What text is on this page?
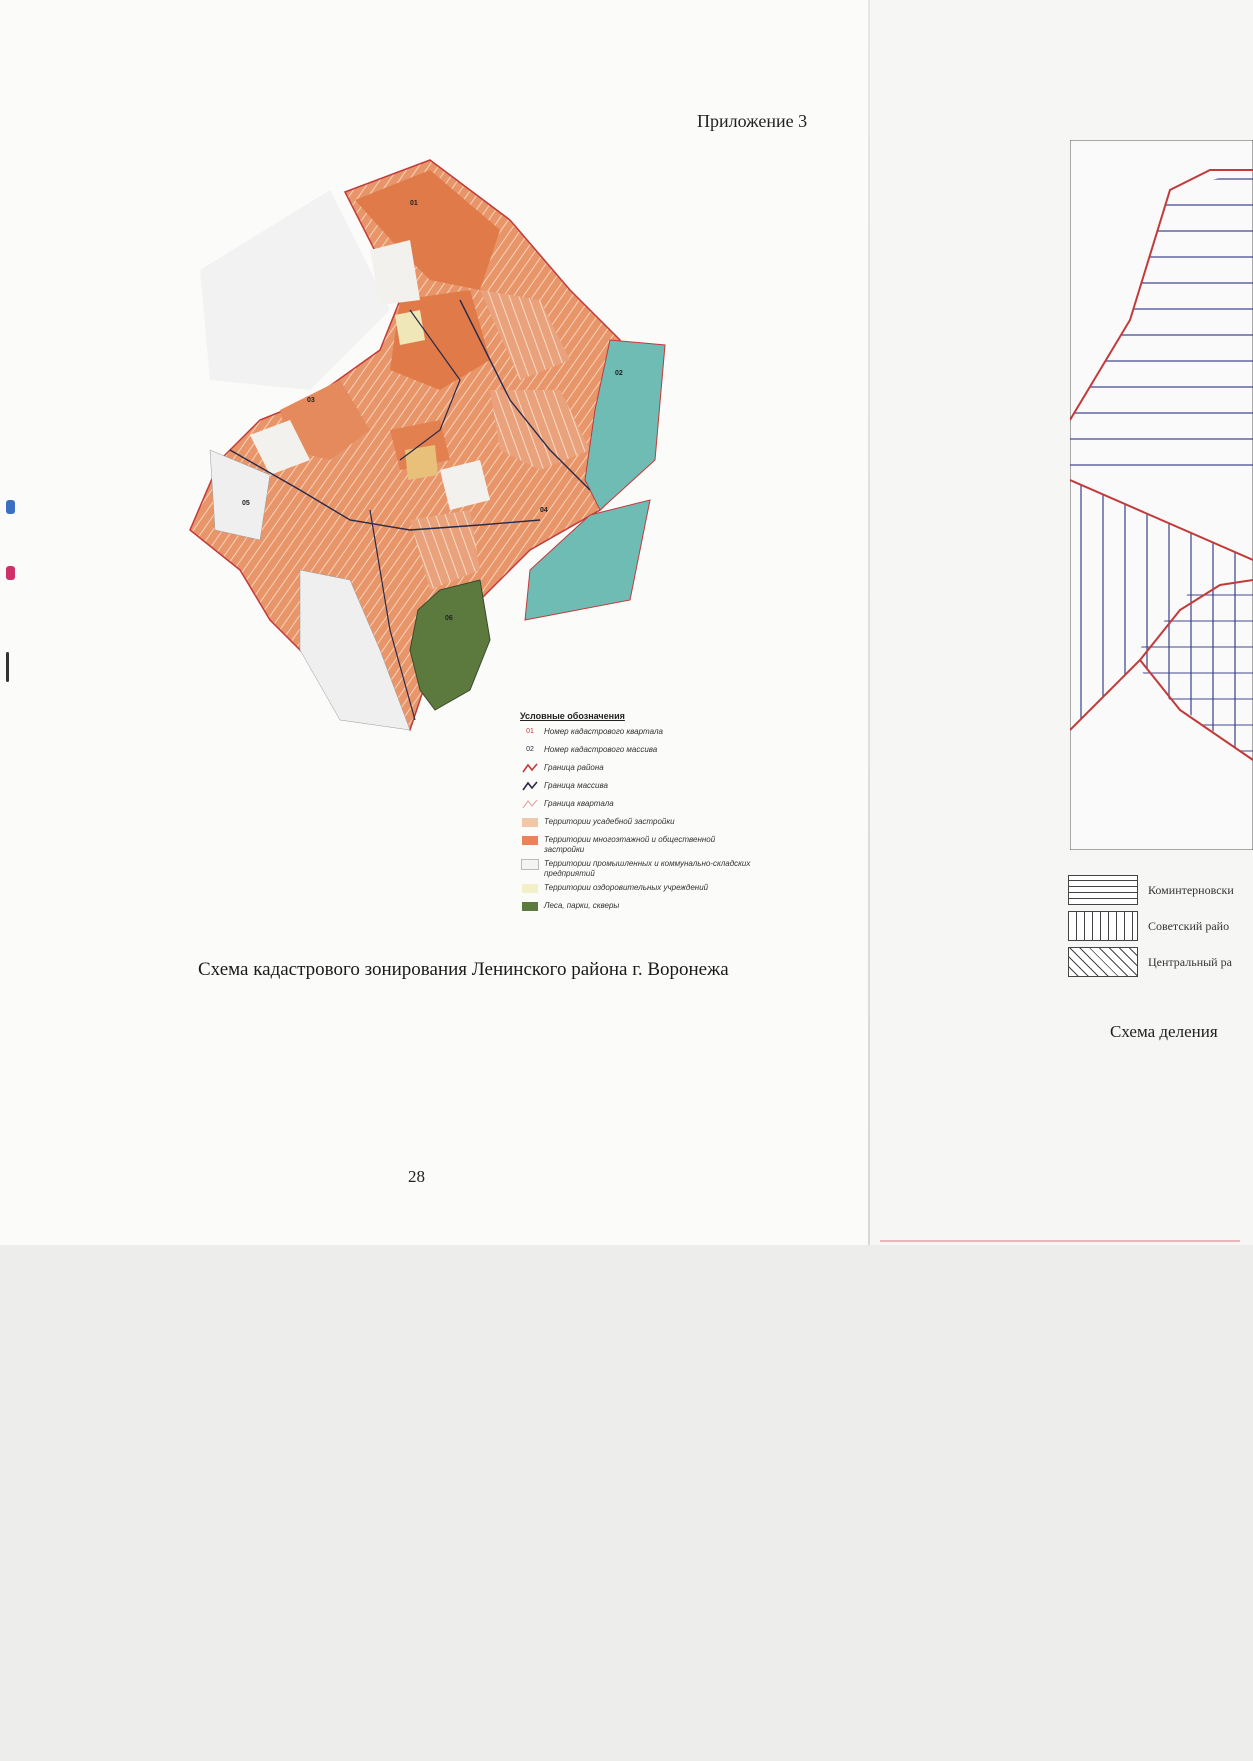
Приложение 3
01
02
03
04
05
06
Условные обозначения
01	Номер кадастрового квартала
02	Номер кадастрового массива
Граница района
Граница массива
Граница квартала
Территории усадебной застройки
Территории многоэтажной и общественной застройки
Территории промышленных и коммунально-складских предприятий
Территории оздоровительных учреждений
Леса, парки, скверы
Схема кадастрового зонирования Ленинского района г. Воронежа
28
Коминтерновски
Советский райо
Центральный ра
Схема деления
